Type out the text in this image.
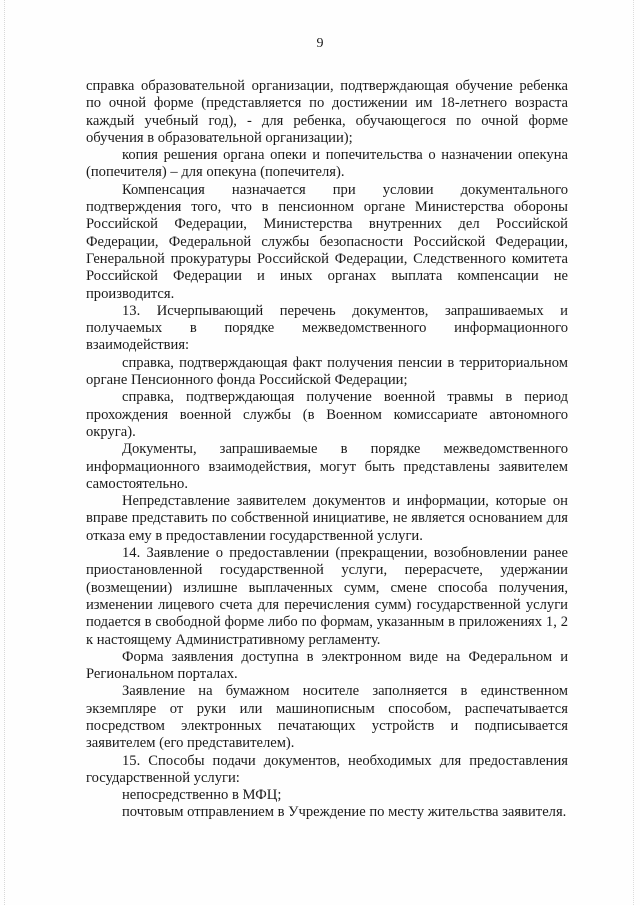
9

справка образовательной организации, подтверждающая обучение ребенка по очной форме (представляется по достижении им 18-летнего возраста каждый учебный год), - для ребенка, обучающегося по очной форме обучения в образовательной организации);

копия решения органа опеки и попечительства о назначении опекуна (попечителя) – для опекуна (попечителя).

Компенсация назначается при условии документального подтверждения того, что в пенсионном органе Министерства обороны Российской Федерации, Министерства внутренних дел Российской Федерации, Федеральной службы безопасности Российской Федерации, Генеральной прокуратуры Российской Федерации, Следственного комитета Российской Федерации и иных органах выплата компенсации не производится.

13. Исчерпывающий перечень документов, запрашиваемых и получаемых в порядке межведомственного информационного взаимодействия:

справка, подтверждающая факт получения пенсии в территориальном органе Пенсионного фонда Российской Федерации;

справка, подтверждающая получение военной травмы в период прохождения военной службы (в Военном комиссариате автономного округа).

Документы, запрашиваемые в порядке межведомственного информационного взаимодействия, могут быть представлены заявителем самостоятельно.

Непредставление заявителем документов и информации, которые он вправе представить по собственной инициативе, не является основанием для отказа ему в предоставлении государственной услуги.

14. Заявление о предоставлении (прекращении, возобновлении ранее приостановленной государственной услуги, перерасчете, удержании (возмещении) излишне выплаченных сумм, смене способа получения, изменении лицевого счета для перечисления сумм) государственной услуги подается в свободной форме либо по формам, указанным в приложениях 1, 2 к настоящему Административному регламенту.

Форма заявления доступна в электронном виде на Федеральном и Региональном порталах.

Заявление на бумажном носителе заполняется в единственном экземпляре от руки или машинописным способом, распечатывается посредством электронных печатающих устройств и подписывается заявителем (его представителем).

15. Способы подачи документов, необходимых для предоставления государственной услуги:

непосредственно в МФЦ;

почтовым отправлением в Учреждение по месту жительства заявителя.
